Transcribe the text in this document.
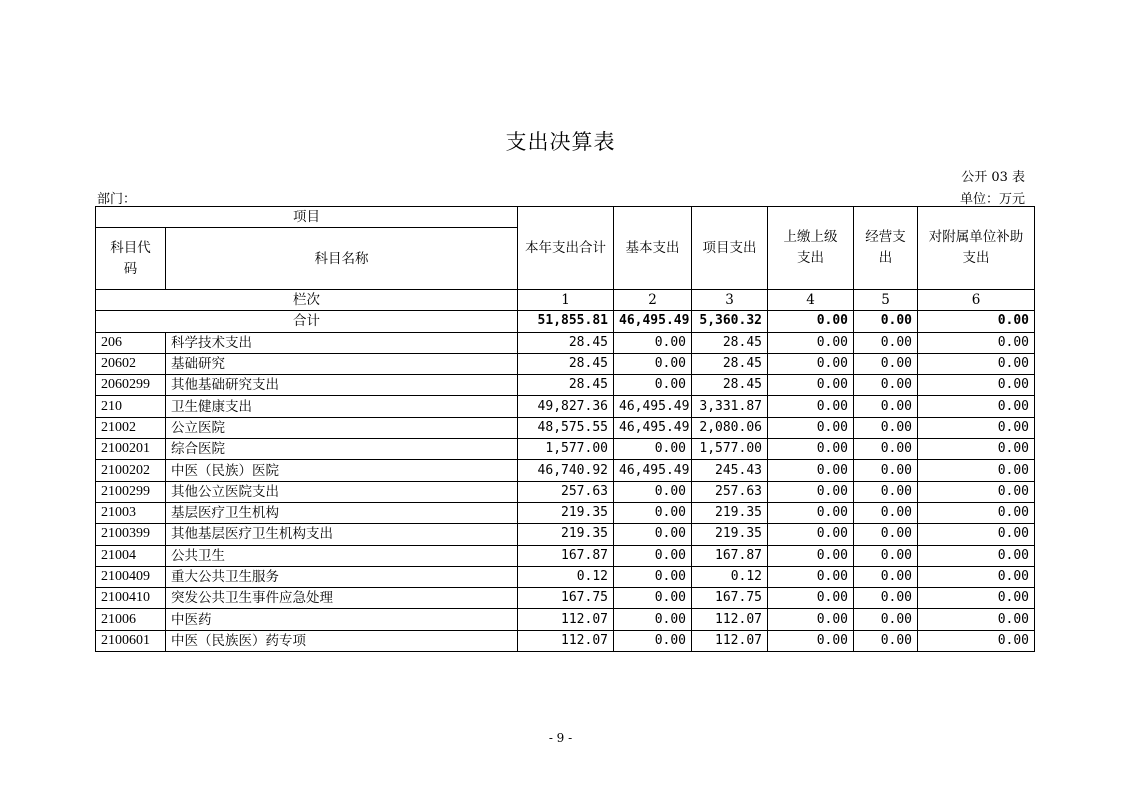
支出决算表
公开 03 表
部门：	单位：万元
项目		本年支出合计	基本支出	项目支出	上缴上级支出	经营支出	对附属单位补助支出
科目代码	科目名称						
栏次		1	2	3	4	5	6
合计		51,855.81	46,495.49	5,360.32	0.00	0.00	0.00
206	科学技术支出	28.45	0.00	28.45	0.00	0.00	0.00
20602	基础研究	28.45	0.00	28.45	0.00	0.00	0.00
2060299	其他基础研究支出	28.45	0.00	28.45	0.00	0.00	0.00
210	卫生健康支出	49,827.36	46,495.49	3,331.87	0.00	0.00	0.00
21002	公立医院	48,575.55	46,495.49	2,080.06	0.00	0.00	0.00
2100201	综合医院	1,577.00	0.00	1,577.00	0.00	0.00	0.00
2100202	中医（民族）医院	46,740.92	46,495.49	245.43	0.00	0.00	0.00
2100299	其他公立医院支出	257.63	0.00	257.63	0.00	0.00	0.00
21003	基层医疗卫生机构	219.35	0.00	219.35	0.00	0.00	0.00
2100399	其他基层医疗卫生机构支出	219.35	0.00	219.35	0.00	0.00	0.00
21004	公共卫生	167.87	0.00	167.87	0.00	0.00	0.00
2100409	重大公共卫生服务	0.12	0.00	0.12	0.00	0.00	0.00
2100410	突发公共卫生事件应急处理	167.75	0.00	167.75	0.00	0.00	0.00
21006	中医药	112.07	0.00	112.07	0.00	0.00	0.00
2100601	中医（民族医）药专项	112.07	0.00	112.07	0.00	0.00	0.00
- 9 -
